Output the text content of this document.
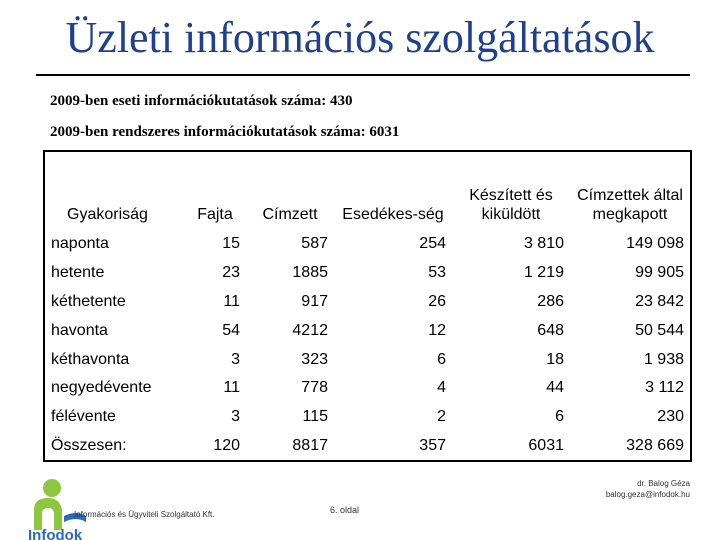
Üzleti információs szolgáltatások
2009-ben eseti információkutatások száma: 430
2009-ben rendszeres információkutatások száma: 6031
Gyakoriság	Fajta	Címzett	Esedékes-ség	Készített és kiküldött	Címzettek által megkapott
naponta	15	587	254	3 810	149 098
hetente	23	1885	53	1 219	99 905
kéthetente	11	917	26	286	23 842
havonta	54	4212	12	648	50 544
kéthavonta	3	323	6	18	1 938
negyedévente	11	778	4	44	3 112
félévente	3	115	2	6	230
Összesen:	120	8817	357	6031	328 669
dr. Balog Géza
balog.geza@infodok.hu
Infodok
Információs és Ügyviteli Szolgáltató Kft.	6. oldal
